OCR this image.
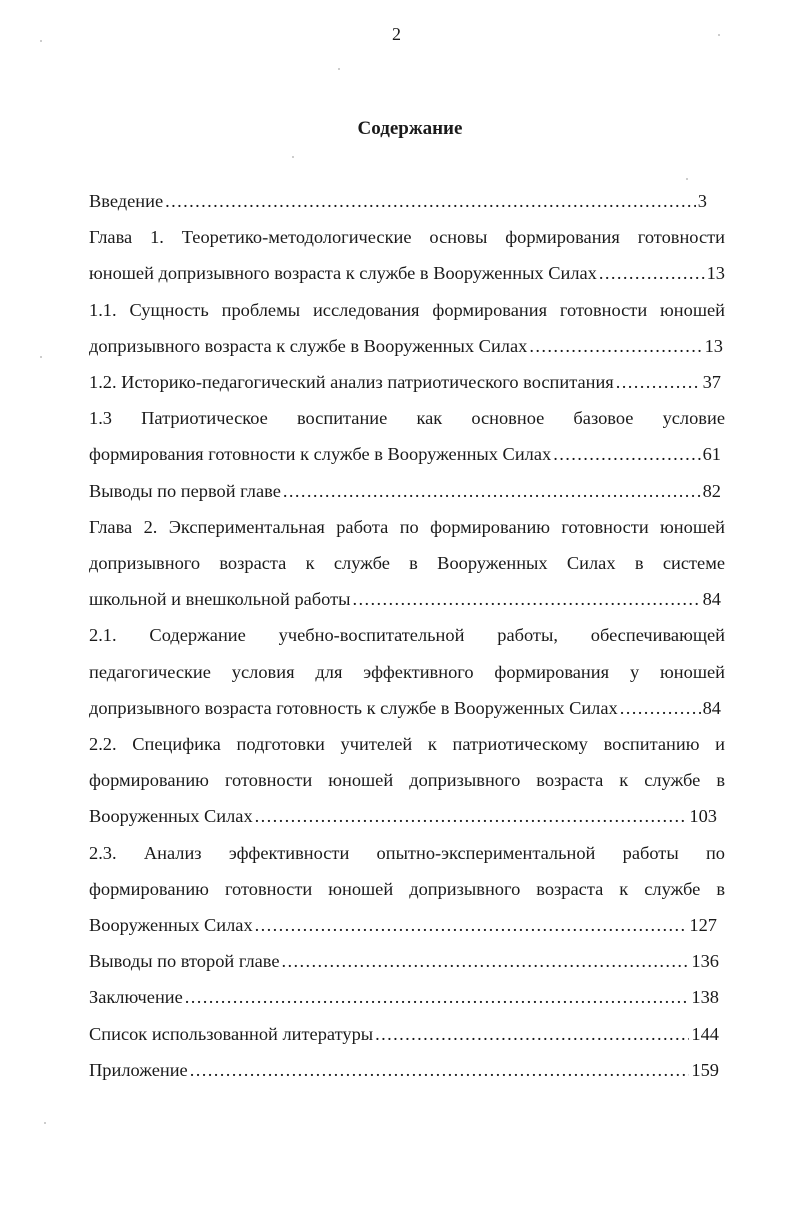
2
Содержание
Введение .....	3
Глава 1. Теоретико-методологические основы формирования готовности
юношей допризывного возраста к службе в Вооруженных Силах .....	13
1.1. Сущность проблемы исследования формирования готовности юношей
допризывного возраста к службе в Вооруженных Силах .....	13
1.2. Историко-педагогический анализ патриотического воспитания .....	37
1.3 Патриотическое воспитание как основное базовое условие
формирования готовности к службе в Вооруженных Силах .....	61
Выводы по первой главе .....	82
Глава 2. Экспериментальная работа по формированию готовности юношей
допризывного возраста к службе в Вооруженных Силах в системе
школьной и внешкольной работы .....	84
2.1. Содержание учебно-воспитательной работы, обеспечивающей
педагогические условия для эффективного формирования у юношей
допризывного возраста готовность к службе в Вооруженных Силах .....	84
2.2. Специфика подготовки учителей к патриотическому воспитанию и
формированию готовности юношей допризывного возраста к службе в
Вооруженных Силах .....	103
2.3. Анализ эффективности опытно-экспериментальной работы по
формированию готовности юношей допризывного возраста к службе в
Вооруженных Силах .....	127
Выводы по второй главе .....	136
Заключение .....	138
Список использованной литературы .....	144
Приложение .....	159
